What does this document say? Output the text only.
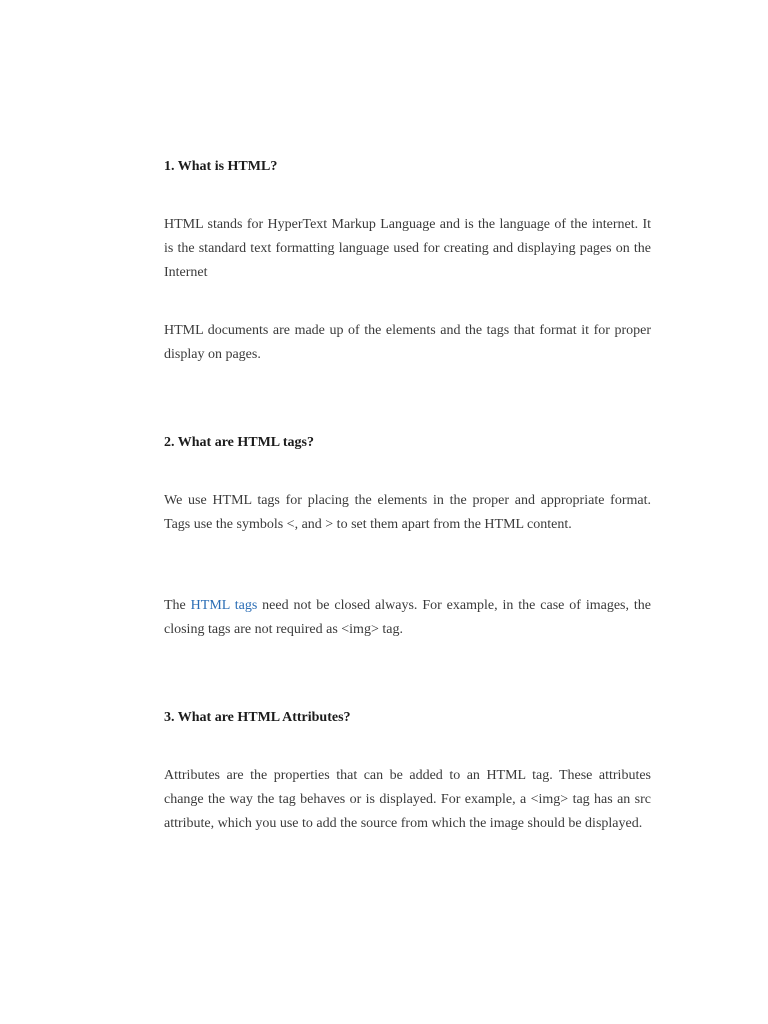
1. What is HTML?

HTML stands for HyperText Markup Language and is the language of the internet. It is the standard text formatting language used for creating and displaying pages on the Internet

HTML documents are made up of the elements and the tags that format it for proper display on pages.

2. What are HTML tags?

We use HTML tags for placing the elements in the proper and appropriate format. Tags use the symbols <, and > to set them apart from the HTML content.

The HTML tags need not be closed always. For example, in the case of images, the closing tags are not required as <img> tag.

3. What are HTML Attributes?

Attributes are the properties that can be added to an HTML tag. These attributes change the way the tag behaves or is displayed. For example, a <img> tag has an src attribute, which you use to add the source from which the image should be displayed.
